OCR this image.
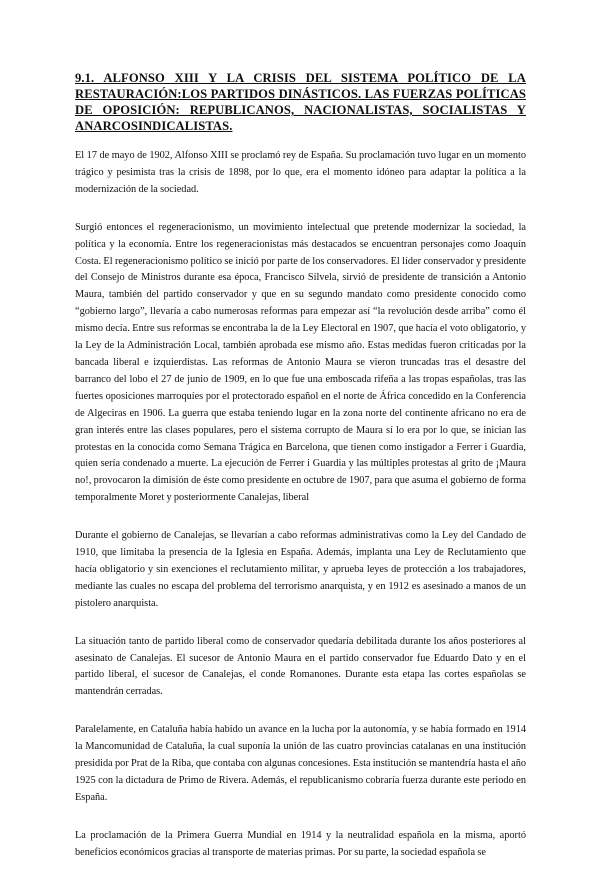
9.1. ALFONSO XIII Y LA CRISIS DEL SISTEMA POLÍTICO DE LA RESTAURACIÓN:LOS PARTIDOS DINÁSTICOS. LAS FUERZAS POLÍTICAS DE OPOSICIÓN: REPUBLICANOS, NACIONALISTAS, SOCIALISTAS Y ANARCOSINDICALISTAS.

El 17 de mayo de 1902, Alfonso XIII se proclamó rey de España. Su proclamación tuvo lugar en un momento trágico y pesimista tras la crisis de 1898, por lo que, era el momento idóneo para adaptar la política a la modernización de la sociedad.

Surgió entonces el regeneracionismo, un movimiento intelectual que pretende modernizar la sociedad, la política y la economía. Entre los regeneracionistas más destacados se encuentran personajes como Joaquín Costa. El regeneracionismo político se inició por parte de los conservadores. El líder conservador y presidente del Consejo de Ministros durante esa época, Francisco Silvela, sirvió de presidente de transición a Antonio Maura, también del partido conservador y que en su segundo mandato como presidente conocido como “gobierno largo”, llevaría a cabo numerosas reformas para empezar así “la revolución desde arriba” como él mismo decía. Entre sus reformas se encontraba la de la Ley Electoral en 1907, que hacía el voto obligatorio, y la Ley de la Administración Local, también aprobada ese mismo año. Estas medidas fueron criticadas por la bancada liberal e izquierdistas. Las reformas de Antonio Maura se vieron truncadas tras el desastre del barranco del lobo el 27 de junio de 1909, en lo que fue una emboscada rifeña a las tropas españolas, tras las fuertes oposiciones marroquíes por el protectorado español en el norte de África concedido en la Conferencia de Algeciras en 1906. La guerra que estaba teniendo lugar en la zona norte del continente africano no era de gran interés entre las clases populares, pero el sistema corrupto de Maura sí lo era por lo que, se inician las protestas en la conocida como Semana Trágica en Barcelona, que tienen como instigador a Ferrer i Guardia, quien sería condenado a muerte. La ejecución de Ferrer i Guardia y las múltiples protestas al grito de ¡Maura no!, provocaron la dimisión de éste como presidente en octubre de 1907, para que asuma el gobierno de forma temporalmente Moret y posteriormente Canalejas, liberal

Durante el gobierno de Canalejas, se llevarían a cabo reformas administrativas como la Ley del Candado de 1910, que limitaba la presencia de la Iglesia en España. Además, implanta una Ley de Reclutamiento que hacía obligatorio y sin exenciones el reclutamiento militar, y aprueba leyes de protección a los trabajadores, mediante las cuales no escapa del problema del terrorismo anarquista, y en 1912 es asesinado a manos de un pistolero anarquista.

La situación tanto de partido liberal como de conservador quedaría debilitada durante los años posteriores al asesinato de Canalejas. El sucesor de Antonio Maura en el partido conservador fue Eduardo Dato y en el partido liberal, el sucesor de Canalejas, el conde Romanones. Durante esta etapa las cortes españolas se mantendrán cerradas.

Paralelamente, en Cataluña había habido un avance en la lucha por la autonomía, y se había formado en 1914 la Mancomunidad de Cataluña, la cual suponía la unión de las cuatro provincias catalanas en una institución presidida por Prat de la Riba, que contaba con algunas concesiones. Esta institución se mantendría hasta el año 1925 con la dictadura de Primo de Rivera. Además, el republicanismo cobraría fuerza durante este periodo en España.

La proclamación de la Primera Guerra Mundial en 1914 y la neutralidad española en la misma, aportó beneficios económicos gracias al transporte de materias primas. Por su parte, la sociedad española se
